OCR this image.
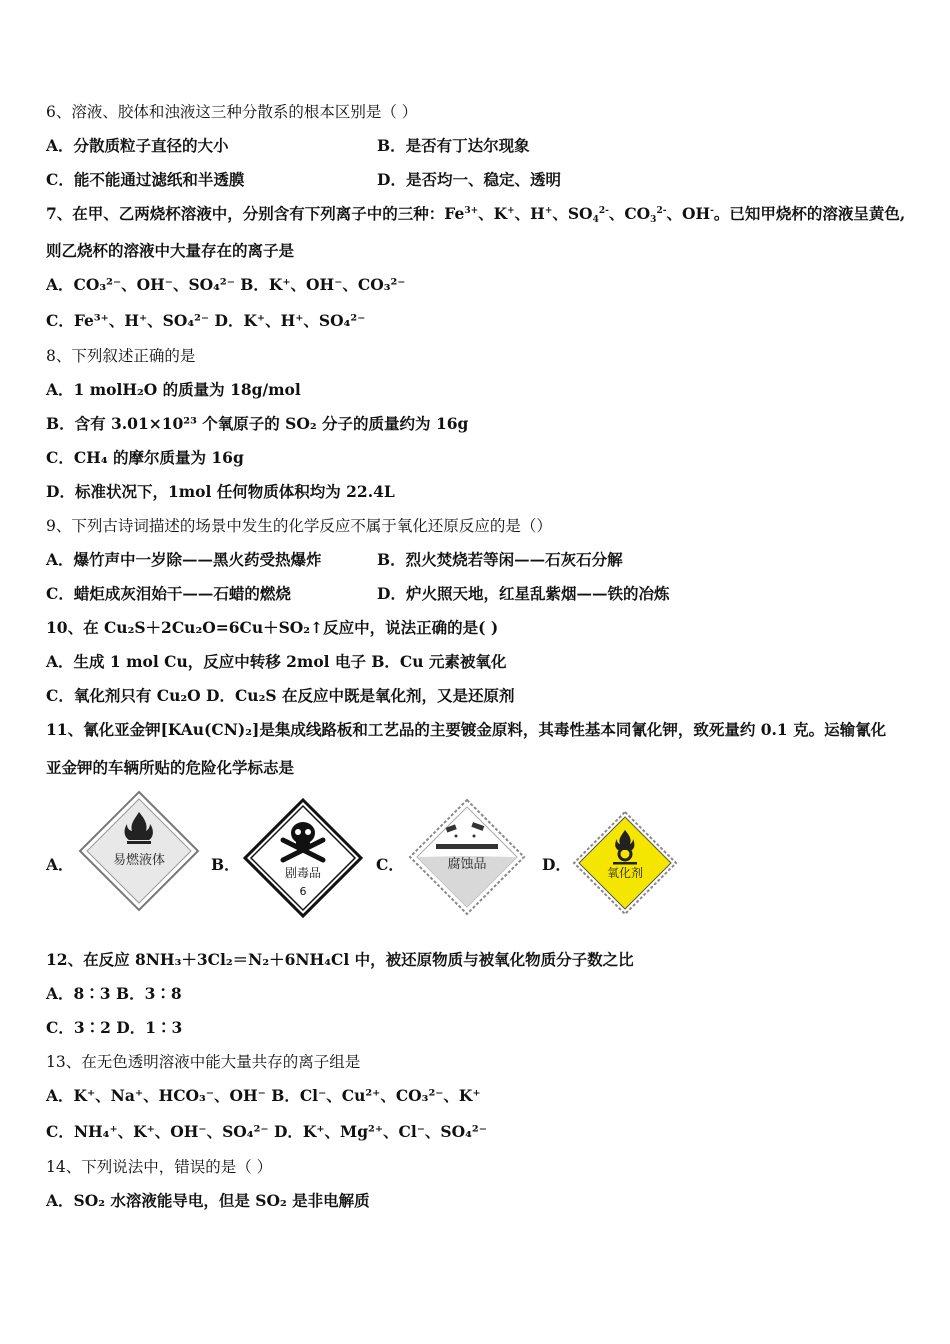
6、溶液、胶体和浊液这三种分散系的根本区别是（ ）
A．分散质粒子直径的大小	B．是否有丁达尔现象
C．能不能通过滤纸和半透膜	D．是否均一、稳定、透明
7、在甲、乙两烧杯溶液中，分别含有下列离子中的三种：$Fe^{3+}$、K+、H+、$SO_4^{2-}$、$CO_3^{2-}$、OH-。已知甲烧杯的溶液呈黄色,
则乙烧杯的溶液中大量存在的离子是
A．CO₃²⁻、OH⁻、SO₄²⁻ B．K⁺、OH⁻、CO₃²⁻
C．Fe³⁺、H⁺、SO₄²⁻ D．K⁺、H⁺、SO₄²⁻
8、下列叙述正确的是
A．1 molH₂O 的质量为 18g/mol
B．含有 3.01×10²³ 个氧原子的 SO₂ 分子的质量约为 16g
C．CH₄ 的摩尔质量为 16g
D．标准状况下，1mol 任何物质体积均为 22.4L
9、下列古诗词描述的场景中发生的化学反应不属于氧化还原反应的是（）
A．爆竹声中一岁除——黑火药受热爆炸	B．烈火焚烧若等闲——石灰石分解
C．蜡炬成灰泪始干——石蜡的燃烧	D．炉火照天地，红星乱紫烟——铁的冶炼
10、在 Cu₂S＋2Cu₂O=6Cu＋SO₂↑反应中，说法正确的是( )
A．生成 1 mol Cu，反应中转移 2mol 电子 B．Cu 元素被氧化
C．氧化剂只有 Cu₂O D．Cu₂S 在反应中既是氧化剂，又是还原剂
11、氰化亚金钾[KAu(CN)₂]是集成线路板和工艺品的主要镀金原料，其毒性基本同氰化钾，致死量约 0.1 克。运输氰化
亚金钾的车辆所贴的危险化学标志是
A．	易燃液体	B．	剧毒品
6
C．	腐蚀品	D．	氧化剂
12、在反应 8NH₃＋3Cl₂＝N₂＋6NH₄Cl 中，被还原物质与被氧化物质分子数之比
A．8∶3 B．3∶8
C．3∶2 D．1∶3
13、在无色透明溶液中能大量共存的离子组是
A．K⁺、Na⁺、HCO₃⁻、OH⁻ B．Cl⁻、Cu²⁺、CO₃²⁻、K⁺
C．NH₄⁺、K⁺、OH⁻、SO₄²⁻ D．K⁺、Mg²⁺、Cl⁻、SO₄²⁻
14、下列说法中，错误的是（ ）
A．SO₂ 水溶液能导电，但是 SO₂ 是非电解质
